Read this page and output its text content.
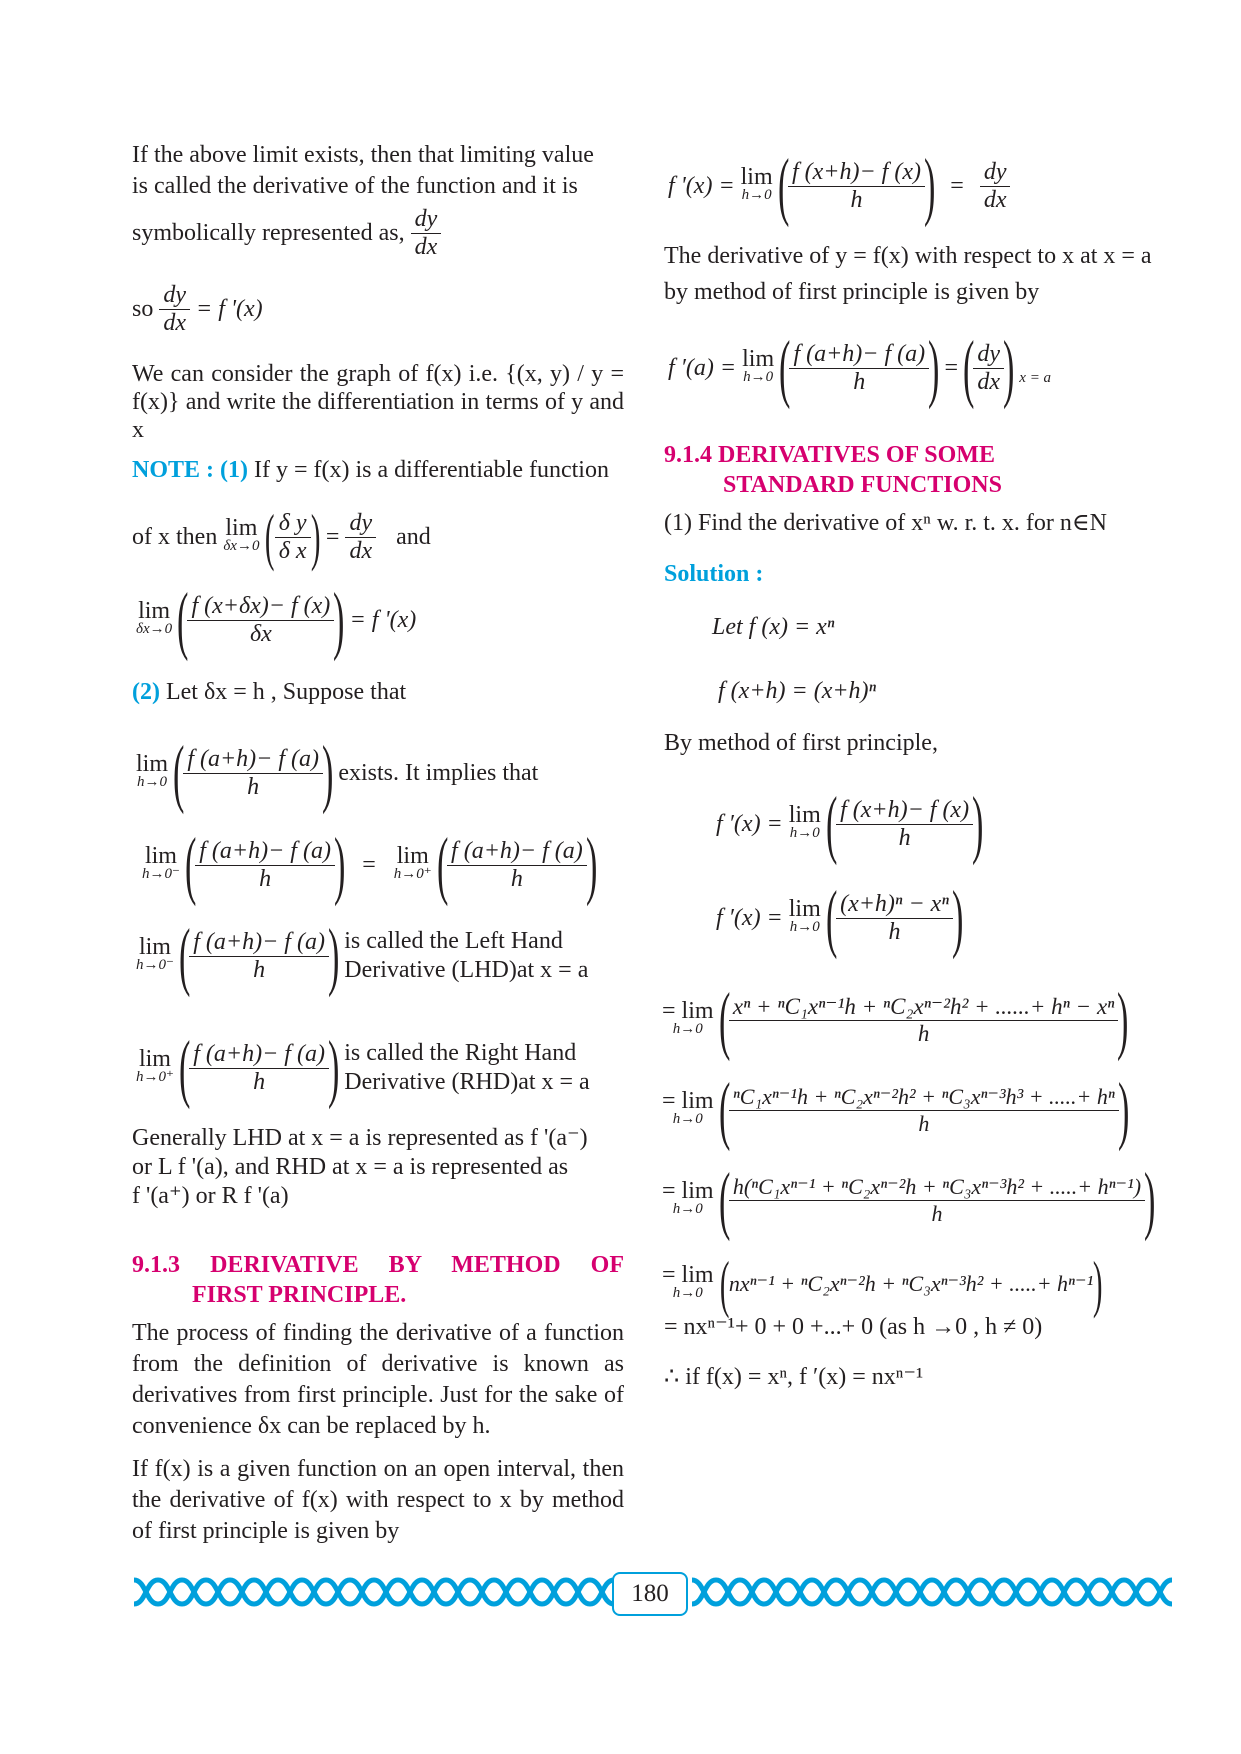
If the above limit exists, then that limiting value
is called the derivative of the function and it is
symbolically represented as, $\frac{dy}{dx}$
so $\frac{dy}{dx} = f$ '(x)
We can consider the graph of f(x) i.e. {(x, y) / y = f(x)} and write the differentiation in terms of y and x
NOTE : (1) If y = f(x) is a differentiable function
of x then lim
δx→0 ( $\frac{\text{δ y}}{\text{δ x}}$ ) = $\frac{dy}{dx}$ and
lim
δx→0 (
$\frac{f (x+\delta x)- f (x)}{\delta x}$
) = f '(x)
(2) Let δx = h , Suppose that
lim
h→0 (
$\frac{f (a+h)- f (a)}{h}$
) exists. It implies that
lim
h→0⁻ (
$\frac{f (a+h)- f (a)}{h}$
) = lim
h→0⁺ (
$\frac{f (a+h)- f (a)}{h}$
)
lim
h→0⁻ (
$\frac{f (a+h)- f (a)}{h}$
) is called the Left Hand
Derivative (LHD)at x = a
lim
h→0⁺ (
$\frac{f (a+h)- f (a)}{h}$
) is called the Right Hand
Derivative (RHD)at x = a
Generally LHD at x = a is represented as f '(a⁻)
or L f '(a), and RHD at x = a is represented as
f '(a⁺) or R f '(a)
9.1.3 DERIVATIVE BY METHOD OF
FIRST PRINCIPLE.
The process of finding the derivative of a function from the definition of derivative is known as derivatives from first principle. Just for the sake of convenience δx can be replaced by h.
If f(x) is a given function on an open interval, then the derivative of f(x) with respect to x by method of first principle is given by
f '(x) = lim
h→0 (
$\frac{f (x+h)- f (x)}{h}$
) = $\frac{dy}{dx}$
The derivative of y = f(x) with respect to x at x = a
by method of first principle is given by
f ′(a) = lim
h→0 (
$\frac{f (a+h)- f (a)}{h}$
) = (
$\frac{dy}{dx}$
) x = a
9.1.4 DERIVATIVES OF SOME
STANDARD FUNCTIONS
(1) Find the derivative of xⁿ w. r. t. x. for n∈N
Solution :
Let f (x) = xⁿ
f (x+h) = (x+h)ⁿ
By method of first principle,
f ′(x) = lim
h→0 (
$\frac{f (x+h)- f (x)}{h}$
)
f ′(x) = lim
h→0 (
$\frac{\text{(x+h)ⁿ − xⁿ}}{h}$
)
= lim
h→0 (
$\frac{\text{xⁿ + ⁿC₁xⁿ⁻¹h + ⁿC₂xⁿ⁻²h² + ......+ hⁿ − xⁿ}}{h}$
)
= lim
h→0 (
$\frac{\text{ⁿC₁xⁿ⁻¹h + ⁿC₂xⁿ⁻²h² + ⁿC₃xⁿ⁻³h³ + .....+ hⁿ}}{h}$
)
= lim
h→0 (
$\frac{\text{h(ⁿC₁xⁿ⁻¹ + ⁿC₂xⁿ⁻²h + ⁿC₃xⁿ⁻³h² + .....+ hⁿ⁻¹)}}{h}$
)
= lim
h→0 (nxⁿ⁻¹ + ⁿC₂xⁿ⁻²h + ⁿC₃xⁿ⁻³h² + .....+ hⁿ⁻¹)
= nxⁿ⁻¹+ 0 + 0 +...+ 0 (as h →0 , h ≠ 0)
∴ if f(x) = xⁿ, f ′(x) = nxⁿ⁻¹
180
